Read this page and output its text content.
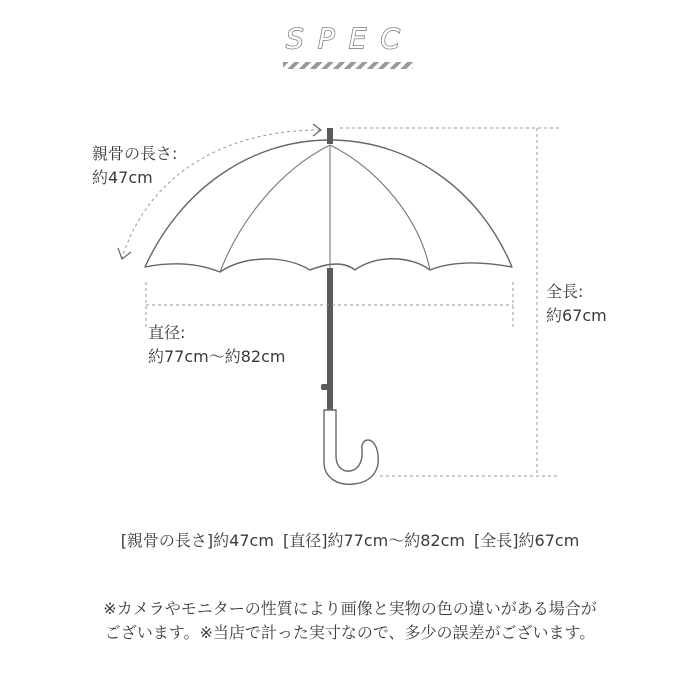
SPEC
親骨の長さ:
約47cm
直径:
約77cm～約82cm
全長:
約67cm
[親骨の長さ]約47cm [直径]約77cm～約82cm [全長]約67cm
※カメラやモニターの性質により画像と実物の色の違いがある場合が
ございます。※当店で計った実寸なので、多少の誤差がございます。
